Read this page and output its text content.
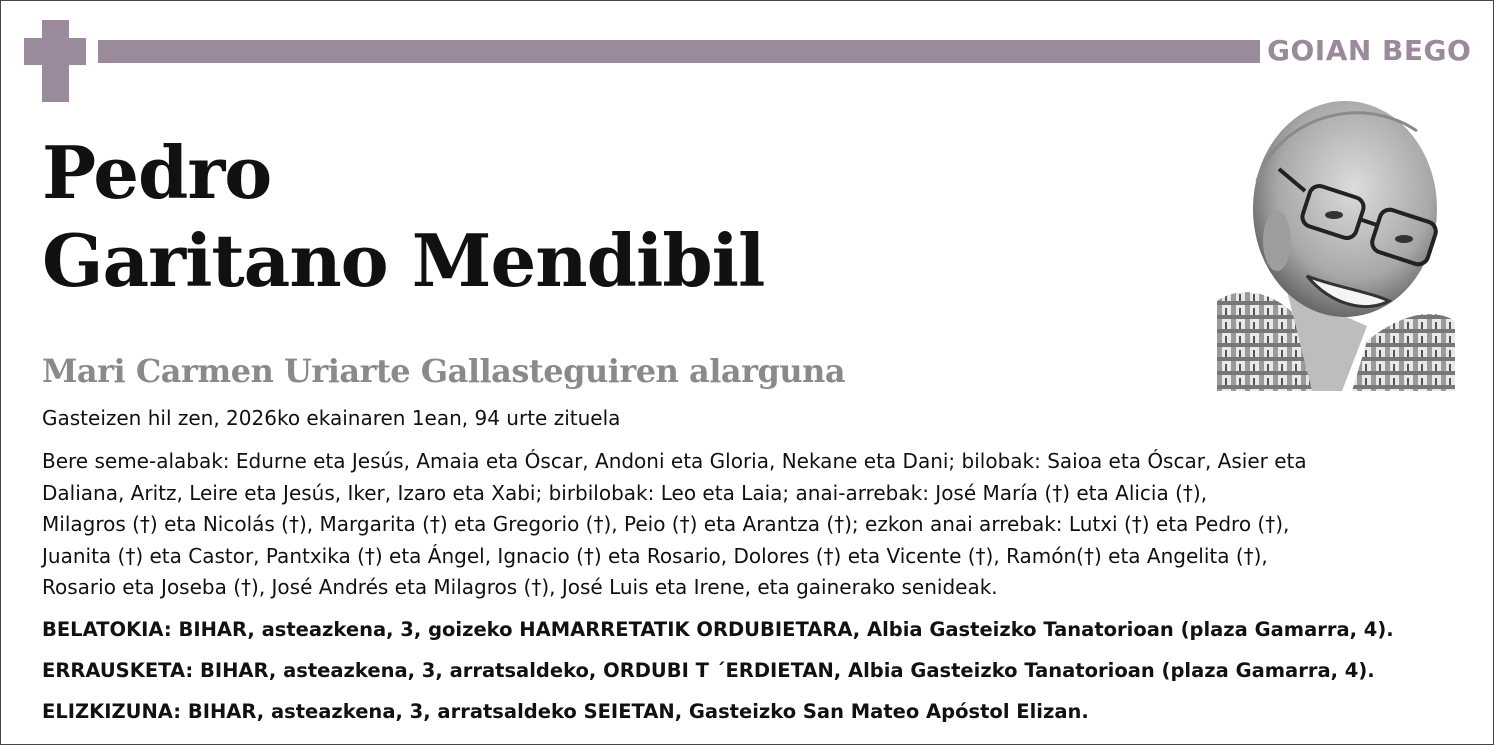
GOIAN BEGO
Pedro
Garitano Mendibil
Mari Carmen Uriarte Gallasteguiren alarguna
Gasteizen hil zen, 2026ko ekainaren 1ean, 94 urte zituela
Bere seme-alabak: Edurne eta Jesús, Amaia eta Óscar, Andoni eta Gloria, Nekane eta Dani; bilobak: Saioa eta Óscar, Asier eta
Daliana, Aritz, Leire eta Jesús, Iker, Izaro eta Xabi; birbilobak: Leo eta Laia; anai-arrebak: José María (†) eta Alicia (†),
Milagros (†) eta Nicolás (†), Margarita (†) eta Gregorio (†), Peio (†) eta Arantza (†); ezkon anai arrebak: Lutxi (†) eta Pedro (†),
Juanita (†) eta Castor, Pantxika (†) eta Ángel, Ignacio (†) eta Rosario, Dolores (†) eta Vicente (†), Ramón(†) eta Angelita (†),
Rosario eta Joseba (†), José Andrés eta Milagros (†), José Luis eta Irene, eta gainerako senideak.
BELATOKIA: BIHAR, asteazkena, 3, goizeko HAMARRETATIK ORDUBIETARA, Albia Gasteizko Tanatorioan (plaza Gamarra, 4).
ERRAUSKETA: BIHAR, asteazkena, 3, arratsaldeko, ORDUBI T ´ERDIETAN, Albia Gasteizko Tanatorioan (plaza Gamarra, 4).
ELIZKIZUNA: BIHAR, asteazkena, 3, arratsaldeko SEIETAN, Gasteizko San Mateo Apóstol Elizan.
